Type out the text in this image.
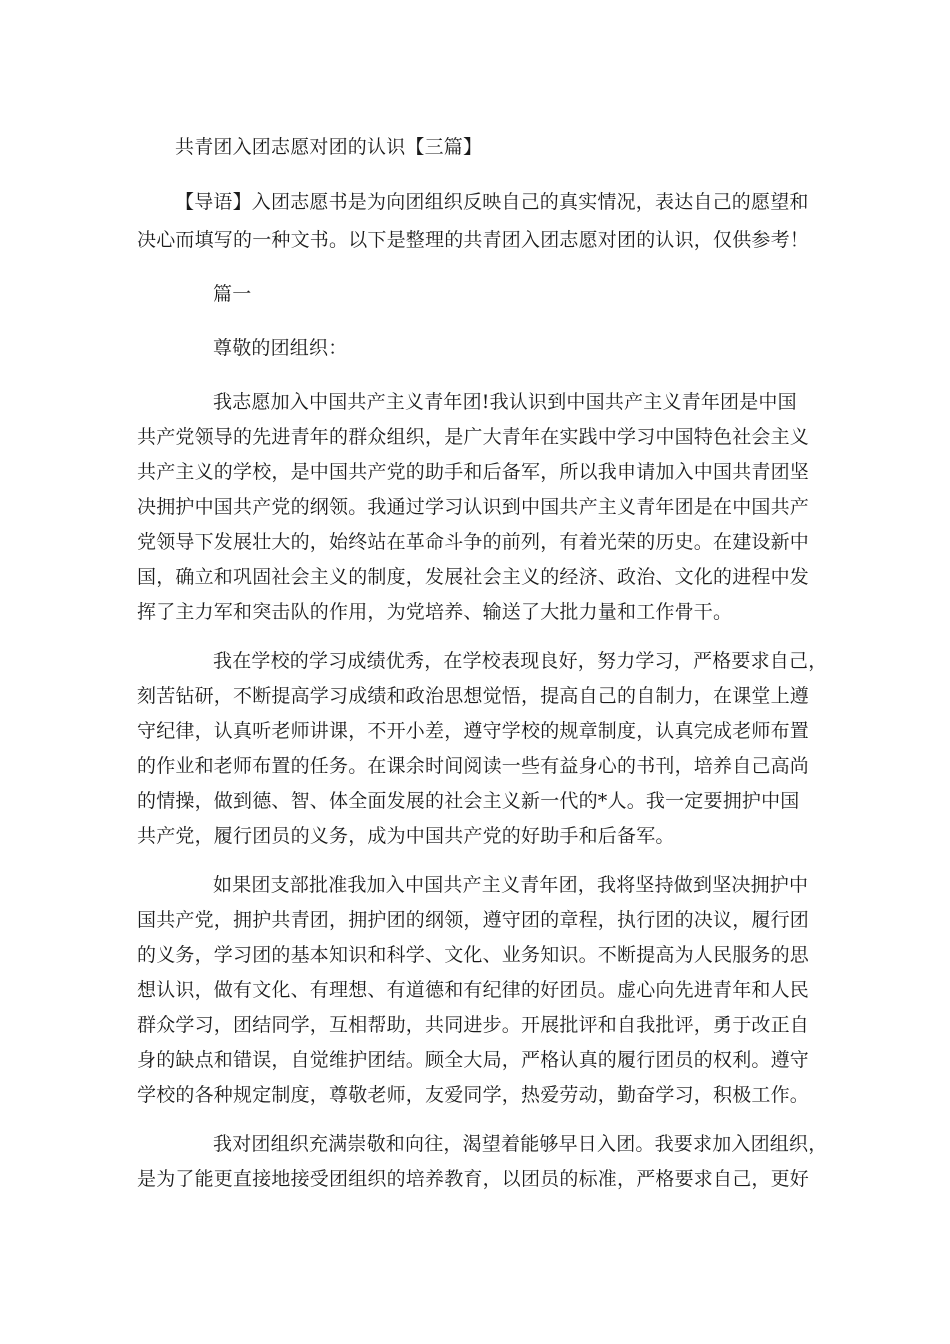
共青团入团志愿对团的认识【三篇】
【导语】入团志愿书是为向团组织反映自己的真实情况，表达自己的愿望和
决心而填写的一种文书。以下是整理的共青团入团志愿对团的认识，仅供参考！
篇一
尊敬的团组织：
我志愿加入中国共产主义青年团!我认识到中国共产主义青年团是中国
共产党领导的先进青年的群众组织，是广大青年在实践中学习中国特色社会主义
共产主义的学校，是中国共产党的助手和后备军，所以我申请加入中国共青团坚
决拥护中国共产党的纲领。我通过学习认识到中国共产主义青年团是在中国共产
党领导下发展壮大的，始终站在革命斗争的前列，有着光荣的历史。在建设新中
国，确立和巩固社会主义的制度，发展社会主义的经济、政治、文化的进程中发
挥了主力军和突击队的作用，为党培养、输送了大批力量和工作骨干。
我在学校的学习成绩优秀，在学校表现良好，努力学习，严格要求自己，
刻苦钻研，不断提高学习成绩和政治思想觉悟，提高自己的自制力，在课堂上遵
守纪律，认真听老师讲课，不开小差，遵守学校的规章制度，认真完成老师布置
的作业和老师布置的任务。在课余时间阅读一些有益身心的书刊，培养自己高尚
的情操，做到德、智、体全面发展的社会主义新一代的*人。我一定要拥护中国
共产党，履行团员的义务，成为中国共产党的好助手和后备军。
如果团支部批准我加入中国共产主义青年团，我将坚持做到坚决拥护中
国共产党，拥护共青团，拥护团的纲领，遵守团的章程，执行团的决议，履行团
的义务，学习团的基本知识和科学、文化、业务知识。不断提高为人民服务的思
想认识，做有文化、有理想、有道德和有纪律的好团员。虚心向先进青年和人民
群众学习，团结同学，互相帮助，共同进步。开展批评和自我批评，勇于改正自
身的缺点和错误，自觉维护团结。顾全大局，严格认真的履行团员的权利。遵守
学校的各种规定制度，尊敬老师，友爱同学，热爱劳动，勤奋学习，积极工作。
我对团组织充满崇敬和向往，渴望着能够早日入团。我要求加入团组织，
是为了能更直接地接受团组织的培养教育，以团员的标准，严格要求自己，更好
